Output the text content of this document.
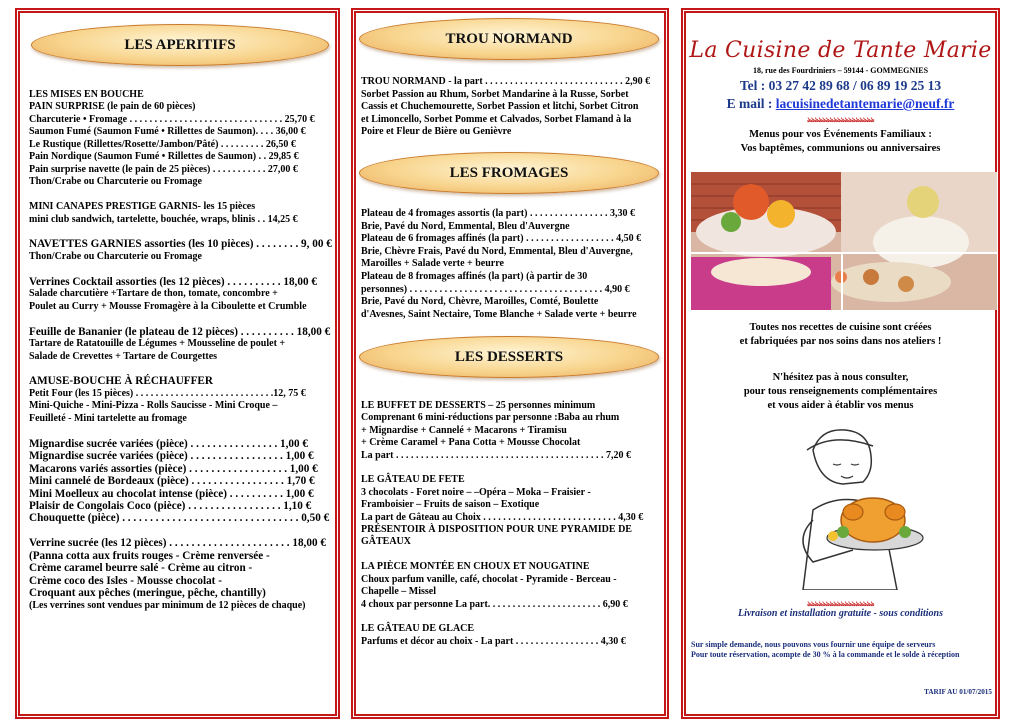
LES APERITIFS
LES MISES EN BOUCHE
PAIN SURPRISE (le pain de 60 pièces)
Charcuterie • Fromage . . . . . . . . . . . . . . . . . . . . . . . . . . . . . . . 25,70 €
Saumon Fumé (Saumon Fumé • Rillettes de Saumon). . . . 36,00 €
Le Rustique (Rillettes/Rosette/Jambon/Pâté) . . . . . . . . . 26,50 €
Pain Nordique (Saumon Fumé • Rillettes de Saumon) . . 29,85 €
Pain surprise navette (le pain de 25 pièces) . . . . . . . . . . . 27,00 €
Thon/Crabe ou Charcuterie ou Fromage

MINI CANAPES PRESTIGE GARNIS- les 15 pièces
mini club sandwich, tartelette, bouchée, wraps, blinis . . 14,25 €

NAVETTES GARNIES assorties (les 10 pièces) . . . . . . . . 9, 00 €
Thon/Crabe ou Charcuterie ou Fromage

Verrines Cocktail assorties (les 12 pièces) . . . . . . . . . . 18,00 €
Salade charcutière +Tartare de thon, tomate, concombre +
Poulet au Curry + Mousse Fromagère à la Ciboulette et Crumble

Feuille de Bananier (le plateau de 12 pièces) . . . . . . . . . . 18,00 €
Tartare de Ratatouille de Légumes + Mousseline de poulet +
Salade de Crevettes + Tartare de Courgettes

AMUSE-BOUCHE À RÉCHAUFFER
Petit Four (les 15 pièces) . . . . . . . . . . . . . . . . . . . . . . . . . . . .12, 75 €
Mini-Quiche - Mini-Pizza - Rolls Saucisse - Mini Croque –
Feuilleté - Mini tartelette au fromage

Mignardise sucrée variées (pièce) . . . . . . . . . . . . . . . . 1,00 €
Mignardise sucrée variées (pièce) . . . . . . . . . . . . . . . . . 1,00 €
Macarons variés assorties (pièce) . . . . . . . . . . . . . . . . . . 1,00 €
Mini cannelé de Bordeaux (pièce) . . . . . . . . . . . . . . . . . 1,70 €
Mini Moelleux au chocolat intense (pièce) . . . . . . . . . . 1,00 €
Plaisir de Congolais Coco (pièce) . . . . . . . . . . . . . . . . . 1,10 €
Chouquette (pièce) . . . . . . . . . . . . . . . . . . . . . . . . . . . . . . . . 0,50 €

Verrine sucrée (les 12 pièces) . . . . . . . . . . . . . . . . . . . . . . 18,00 €
(Panna cotta aux fruits rouges - Crème renversée -
Crème caramel beurre salé - Crème au citron -
Crème coco des Isles - Mousse chocolat -
Croquant aux pêches (meringue, pêche, chantilly)
(Les verrines sont vendues par minimum de 12 pièces de chaque)
TROU NORMAND
TROU NORMAND - la part . . . . . . . . . . . . . . . . . . . . . . . . . . . . 2,90 €
Sorbet Passion au Rhum, Sorbet Mandarine à la Russe, Sorbet
Cassis et Chuchemourette, Sorbet Passion et litchi, Sorbet Citron
et Limoncello, Sorbet Pomme et Calvados, Sorbet Flamand à la
Poire et Fleur de Bière ou Genièvre
LES FROMAGES
Plateau de 4 fromages assortis (la part) . . . . . . . . . . . . . . . . 3,30 €
Brie, Pavé du Nord, Emmental, Bleu d'Auvergne
Plateau de 6 fromages affinés (la part) . . . . . . . . . . . . . . . . . . 4,50 €
Brie, Chèvre Frais, Pavé du Nord, Emmental, Bleu d'Auvergne,
Maroilles + Salade verte + beurre
Plateau de 8 fromages affinés (la part) (à partir de 30
personnes) . . . . . . . . . . . . . . . . . . . . . . . . . . . . . . . . . . . . . . . 4,90 €
Brie, Pavé du Nord, Chèvre, Maroilles, Comté, Boulette
d'Avesnes, Saint Nectaire, Tome Blanche + Salade verte + beurre
LES DESSERTS
LE BUFFET DE DESSERTS – 25 personnes minimum
Comprenant 6 mini-réductions par personne :Baba au rhum
+ Mignardise + Cannelé + Macarons + Tiramisu
+ Crème Caramel + Pana Cotta + Mousse Chocolat
La part . . . . . . . . . . . . . . . . . . . . . . . . . . . . . . . . . . . . . . . . . . 7,20 €

LE GÂTEAU DE FETE
3 chocolats - Foret noire – –Opéra – Moka – Fraisier -
Framboisier – Fruits de saison – Exotique
La part de Gâteau au Choix . . . . . . . . . . . . . . . . . . . . . . . . . . . 4,30 €
PRÉSENTOIR À DISPOSITION POUR UNE PYRAMIDE DE
GÂTEAUX

LA PIÈCE MONTÉE EN CHOUX ET NOUGATINE
Choux parfum vanille, café, chocolat - Pyramide - Berceau -
Chapelle – Missel
4 choux par personne La part. . . . . . . . . . . . . . . . . . . . . . . 6,90 €

LE GÂTEAU DE GLACE
Parfums et décor au choix - La part . . . . . . . . . . . . . . . . . 4,30 €
La Cuisine de Tante Marie
18, rue des Fourdriniers – 59144 - GOMMEGNIES
Tel : 03 27 42 89 68 / 06 89 19 25 13
E mail : lacuisinedetantemarie@neuf.fr
ঌঌঌঌঌঌঌঌঌঌঌঌঌঌঌঌঌঌ
Menus pour vos Événements Familiaux :
Vos baptêmes, communions ou anniversaires
Toutes nos recettes de cuisine sont créées
et fabriquées par nos soins dans nos ateliers !
N'hésitez pas à nous consulter,
pour tous renseignements complémentaires
et vous aider à établir vos menus
ঌঌঌঌঌঌঌঌঌঌঌঌঌঌঌঌঌঌ
Livraison et installation gratuite - sous conditions
Sur simple demande, nous pouvons vous fournir une équipe de serveurs
Pour toute réservation, acompte de 30 % à la commande et le solde à réception
TARIF AU 01/07/2015
